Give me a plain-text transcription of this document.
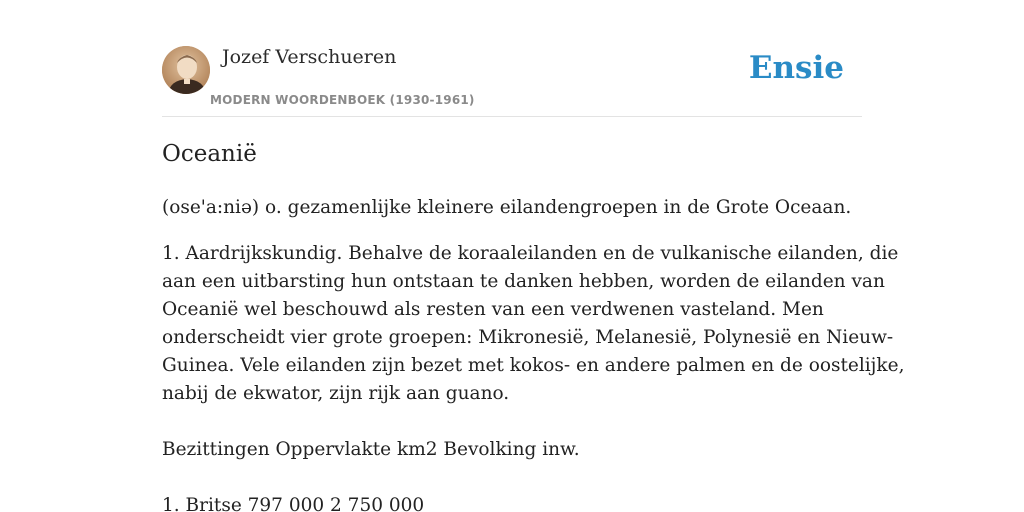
Jozef Verschueren
MODERN WOORDENBOEK (1930-1961)
Ensie
Oceanië

(ose'a:niə) o. gezamenlijke kleinere eilandengroepen in de Grote Oceaan.

1. Aardrijkskundig. Behalve de koraaleilanden en de vulkanische eilanden, die

aan een uitbarsting hun ontstaan te danken hebben, worden de eilanden van

Oceanië wel beschouwd als resten van een verdwenen vasteland. Men

onderscheidt vier grote groepen: Mikronesië, Melanesië, Polynesië en Nieuw-

Guinea. Vele eilanden zijn bezet met kokos- en andere palmen en de oostelijke,

nabij de ekwator, zijn rijk aan guano.

Bezittingen Oppervlakte km2 Bevolking inw.

1. Britse 797 000 2 750 000
